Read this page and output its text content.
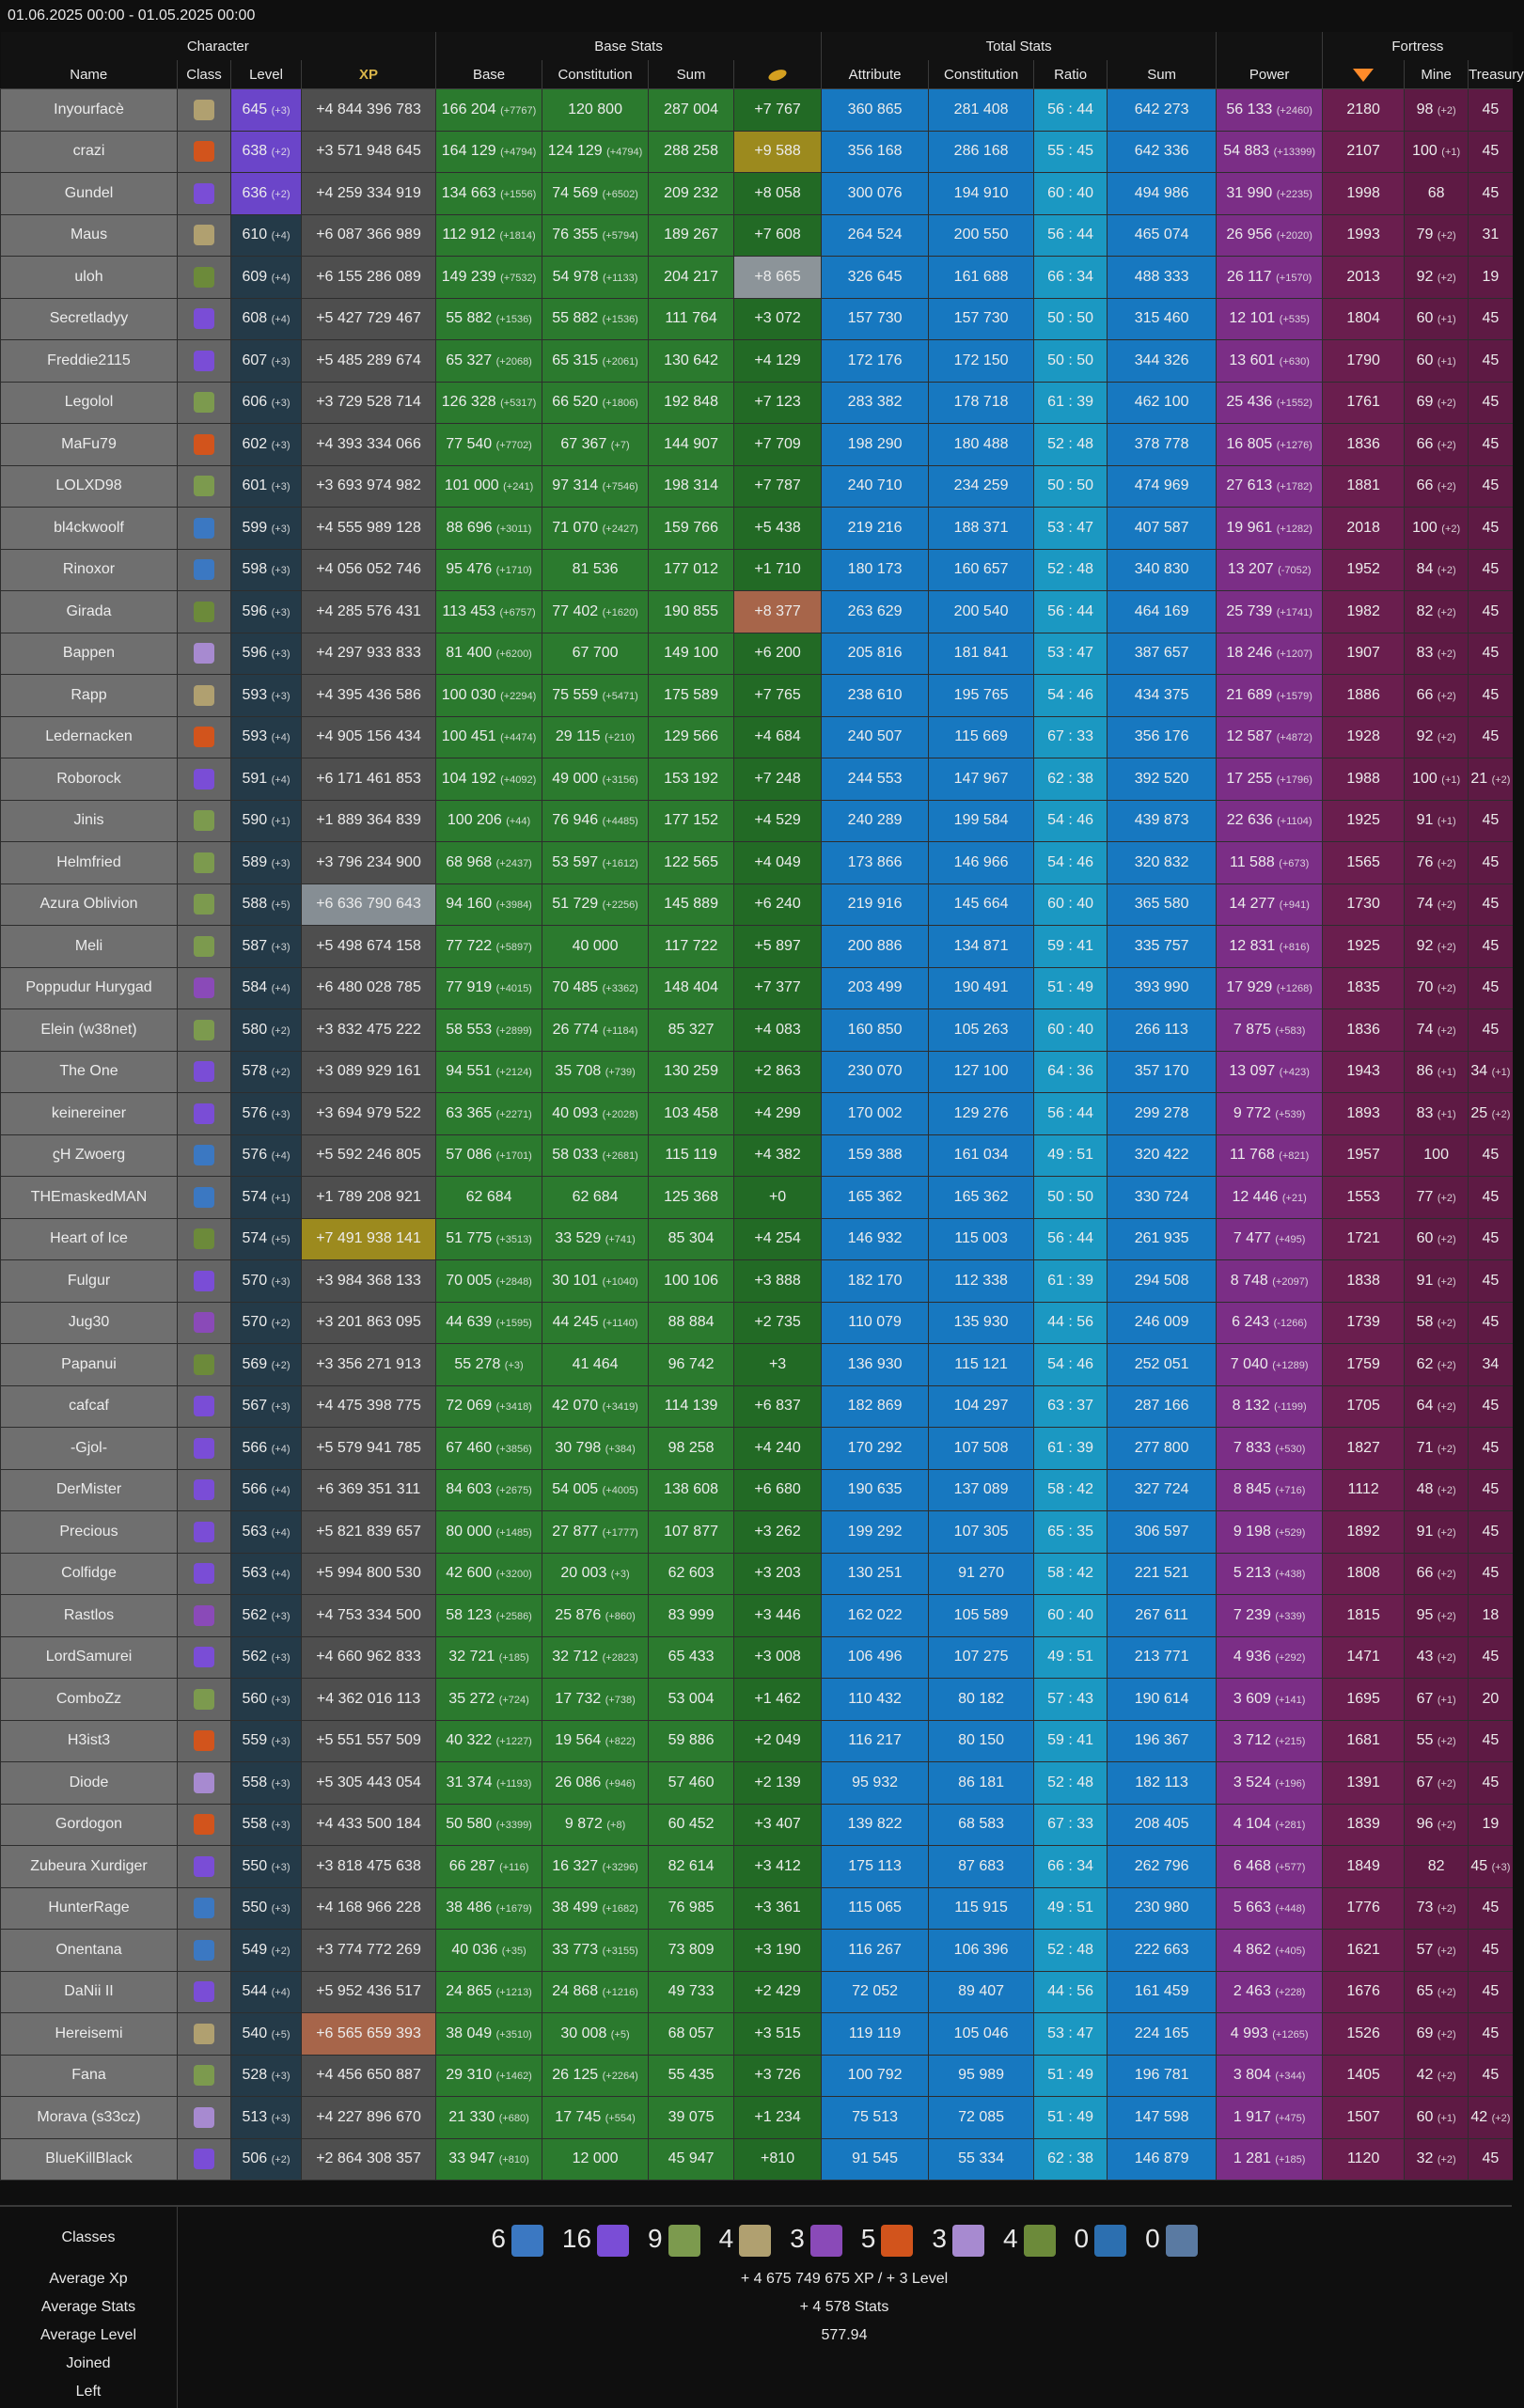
01.06.2025 00:00 - 01.05.2025 00:00
Character				Base Stats				Total Stats					Fortress		
Name	Class	Level	XP	Base	Constitution	Sum		Attribute	Constitution	Ratio	Sum	Power		Mine	Treasury
Inyourfacè		645 (+3)	+4 844 396 783	166 204 (+7767)	120 800	287 004	+7 767	360 865	281 408	56 : 44	642 273	56 133 (+2460)	2180	98 (+2)	45
crazi		638 (+2)	+3 571 948 645	164 129 (+4794)	124 129 (+4794)	288 258	+9 588	356 168	286 168	55 : 45	642 336	54 883 (+13399)	2107	100 (+1)	45
Gundel		636 (+2)	+4 259 334 919	134 663 (+1556)	74 569 (+6502)	209 232	+8 058	300 076	194 910	60 : 40	494 986	31 990 (+2235)	1998	68	45
Maus		610 (+4)	+6 087 366 989	112 912 (+1814)	76 355 (+5794)	189 267	+7 608	264 524	200 550	56 : 44	465 074	26 956 (+2020)	1993	79 (+2)	31
uloh		609 (+4)	+6 155 286 089	149 239 (+7532)	54 978 (+1133)	204 217	+8 665	326 645	161 688	66 : 34	488 333	26 117 (+1570)	2013	92 (+2)	19
Secretladyy		608 (+4)	+5 427 729 467	55 882 (+1536)	55 882 (+1536)	111 764	+3 072	157 730	157 730	50 : 50	315 460	12 101 (+535)	1804	60 (+1)	45
Freddie2115		607 (+3)	+5 485 289 674	65 327 (+2068)	65 315 (+2061)	130 642	+4 129	172 176	172 150	50 : 50	344 326	13 601 (+630)	1790	60 (+1)	45
Legolol		606 (+3)	+3 729 528 714	126 328 (+5317)	66 520 (+1806)	192 848	+7 123	283 382	178 718	61 : 39	462 100	25 436 (+1552)	1761	69 (+2)	45
MaFu79		602 (+3)	+4 393 334 066	77 540 (+7702)	67 367 (+7)	144 907	+7 709	198 290	180 488	52 : 48	378 778	16 805 (+1276)	1836	66 (+2)	45
LOLXD98		601 (+3)	+3 693 974 982	101 000 (+241)	97 314 (+7546)	198 314	+7 787	240 710	234 259	50 : 50	474 969	27 613 (+1782)	1881	66 (+2)	45
bl4ckwoolf		599 (+3)	+4 555 989 128	88 696 (+3011)	71 070 (+2427)	159 766	+5 438	219 216	188 371	53 : 47	407 587	19 961 (+1282)	2018	100 (+2)	45
Rinoxor		598 (+3)	+4 056 052 746	95 476 (+1710)	81 536	177 012	+1 710	180 173	160 657	52 : 48	340 830	13 207 (-7052)	1952	84 (+2)	45
Girada		596 (+3)	+4 285 576 431	113 453 (+6757)	77 402 (+1620)	190 855	+8 377	263 629	200 540	56 : 44	464 169	25 739 (+1741)	1982	82 (+2)	45
Bappen		596 (+3)	+4 297 933 833	81 400 (+6200)	67 700	149 100	+6 200	205 816	181 841	53 : 47	387 657	18 246 (+1207)	1907	83 (+2)	45
Rapp		593 (+3)	+4 395 436 586	100 030 (+2294)	75 559 (+5471)	175 589	+7 765	238 610	195 765	54 : 46	434 375	21 689 (+1579)	1886	66 (+2)	45
Ledernacken		593 (+4)	+4 905 156 434	100 451 (+4474)	29 115 (+210)	129 566	+4 684	240 507	115 669	67 : 33	356 176	12 587 (+4872)	1928	92 (+2)	45
Roborock		591 (+4)	+6 171 461 853	104 192 (+4092)	49 000 (+3156)	153 192	+7 248	244 553	147 967	62 : 38	392 520	17 255 (+1796)	1988	100 (+1)	21 (+2)
Jinis		590 (+1)	+1 889 364 839	100 206 (+44)	76 946 (+4485)	177 152	+4 529	240 289	199 584	54 : 46	439 873	22 636 (+1104)	1925	91 (+1)	45
Helmfried		589 (+3)	+3 796 234 900	68 968 (+2437)	53 597 (+1612)	122 565	+4 049	173 866	146 966	54 : 46	320 832	11 588 (+673)	1565	76 (+2)	45
Azura Oblivion		588 (+5)	+6 636 790 643	94 160 (+3984)	51 729 (+2256)	145 889	+6 240	219 916	145 664	60 : 40	365 580	14 277 (+941)	1730	74 (+2)	45
Meli		587 (+3)	+5 498 674 158	77 722 (+5897)	40 000	117 722	+5 897	200 886	134 871	59 : 41	335 757	12 831 (+816)	1925	92 (+2)	45
Poppudur Hurygad		584 (+4)	+6 480 028 785	77 919 (+4015)	70 485 (+3362)	148 404	+7 377	203 499	190 491	51 : 49	393 990	17 929 (+1268)	1835	70 (+2)	45
Elein (w38net)		580 (+2)	+3 832 475 222	58 553 (+2899)	26 774 (+1184)	85 327	+4 083	160 850	105 263	60 : 40	266 113	7 875 (+583)	1836	74 (+2)	45
The One		578 (+2)	+3 089 929 161	94 551 (+2124)	35 708 (+739)	130 259	+2 863	230 070	127 100	64 : 36	357 170	13 097 (+423)	1943	86 (+1)	34 (+1)
keinereiner		576 (+3)	+3 694 979 522	63 365 (+2271)	40 093 (+2028)	103 458	+4 299	170 002	129 276	56 : 44	299 278	9 772 (+539)	1893	83 (+1)	25 (+2)
ϛH Zwoerg		576 (+4)	+5 592 246 805	57 086 (+1701)	58 033 (+2681)	115 119	+4 382	159 388	161 034	49 : 51	320 422	11 768 (+821)	1957	100	45
THEmaskedMAN		574 (+1)	+1 789 208 921	62 684	62 684	125 368	+0	165 362	165 362	50 : 50	330 724	12 446 (+21)	1553	77 (+2)	45
Heart of Ice		574 (+5)	+7 491 938 141	51 775 (+3513)	33 529 (+741)	85 304	+4 254	146 932	115 003	56 : 44	261 935	7 477 (+495)	1721	60 (+2)	45
Fulgur		570 (+3)	+3 984 368 133	70 005 (+2848)	30 101 (+1040)	100 106	+3 888	182 170	112 338	61 : 39	294 508	8 748 (+2097)	1838	91 (+2)	45
Jug30		570 (+2)	+3 201 863 095	44 639 (+1595)	44 245 (+1140)	88 884	+2 735	110 079	135 930	44 : 56	246 009	6 243 (-1266)	1739	58 (+2)	45
Papanui		569 (+2)	+3 356 271 913	55 278 (+3)	41 464	96 742	+3	136 930	115 121	54 : 46	252 051	7 040 (+1289)	1759	62 (+2)	34
cafcaf		567 (+3)	+4 475 398 775	72 069 (+3418)	42 070 (+3419)	114 139	+6 837	182 869	104 297	63 : 37	287 166	8 132 (-1199)	1705	64 (+2)	45
-Gjol-		566 (+4)	+5 579 941 785	67 460 (+3856)	30 798 (+384)	98 258	+4 240	170 292	107 508	61 : 39	277 800	7 833 (+530)	1827	71 (+2)	45
DerMister		566 (+4)	+6 369 351 311	84 603 (+2675)	54 005 (+4005)	138 608	+6 680	190 635	137 089	58 : 42	327 724	8 845 (+716)	1112	48 (+2)	45
Precious		563 (+4)	+5 821 839 657	80 000 (+1485)	27 877 (+1777)	107 877	+3 262	199 292	107 305	65 : 35	306 597	9 198 (+529)	1892	91 (+2)	45
Colfidge		563 (+4)	+5 994 800 530	42 600 (+3200)	20 003 (+3)	62 603	+3 203	130 251	91 270	58 : 42	221 521	5 213 (+438)	1808	66 (+2)	45
Rastlos		562 (+3)	+4 753 334 500	58 123 (+2586)	25 876 (+860)	83 999	+3 446	162 022	105 589	60 : 40	267 611	7 239 (+339)	1815	95 (+2)	18
LordSamurei		562 (+3)	+4 660 962 833	32 721 (+185)	32 712 (+2823)	65 433	+3 008	106 496	107 275	49 : 51	213 771	4 936 (+292)	1471	43 (+2)	45
ComboZz		560 (+3)	+4 362 016 113	35 272 (+724)	17 732 (+738)	53 004	+1 462	110 432	80 182	57 : 43	190 614	3 609 (+141)	1695	67 (+1)	20
H3ist3		559 (+3)	+5 551 557 509	40 322 (+1227)	19 564 (+822)	59 886	+2 049	116 217	80 150	59 : 41	196 367	3 712 (+215)	1681	55 (+2)	45
Diode		558 (+3)	+5 305 443 054	31 374 (+1193)	26 086 (+946)	57 460	+2 139	95 932	86 181	52 : 48	182 113	3 524 (+196)	1391	67 (+2)	45
Gordogon		558 (+3)	+4 433 500 184	50 580 (+3399)	9 872 (+8)	60 452	+3 407	139 822	68 583	67 : 33	208 405	4 104 (+281)	1839	96 (+2)	19
Zubeura Xurdiger		550 (+3)	+3 818 475 638	66 287 (+116)	16 327 (+3296)	82 614	+3 412	175 113	87 683	66 : 34	262 796	6 468 (+577)	1849	82	45 (+3)
HunterRage		550 (+3)	+4 168 966 228	38 486 (+1679)	38 499 (+1682)	76 985	+3 361	115 065	115 915	49 : 51	230 980	5 663 (+448)	1776	73 (+2)	45
Onentana		549 (+2)	+3 774 772 269	40 036 (+35)	33 773 (+3155)	73 809	+3 190	116 267	106 396	52 : 48	222 663	4 862 (+405)	1621	57 (+2)	45
DaNii II		544 (+4)	+5 952 436 517	24 865 (+1213)	24 868 (+1216)	49 733	+2 429	72 052	89 407	44 : 56	161 459	2 463 (+228)	1676	65 (+2)	45
Hereisemi		540 (+5)	+6 565 659 393	38 049 (+3510)	30 008 (+5)	68 057	+3 515	119 119	105 046	53 : 47	224 165	4 993 (+1265)	1526	69 (+2)	45
Fana		528 (+3)	+4 456 650 887	29 310 (+1462)	26 125 (+2264)	55 435	+3 726	100 792	95 989	51 : 49	196 781	3 804 (+344)	1405	42 (+2)	45
Morava (s33cz)		513 (+3)	+4 227 896 670	21 330 (+680)	17 745 (+554)	39 075	+1 234	75 513	72 085	51 : 49	147 598	1 917 (+475)	1507	60 (+1)	42 (+2)
BlueKillBlack		506 (+2)	+2 864 308 357	33 947 (+810)	12 000	45 947	+810	91 545	55 334	62 : 38	146 879	1 281 (+185)	1120	32 (+2)	45
Classes	6 16 9 4 3 5 3 4 0 0
Average Xp	+ 4 675 749 675 XP / + 3 Level
Average Stats	+ 4 578 Stats
Average Level	577.94
Joined
Left
